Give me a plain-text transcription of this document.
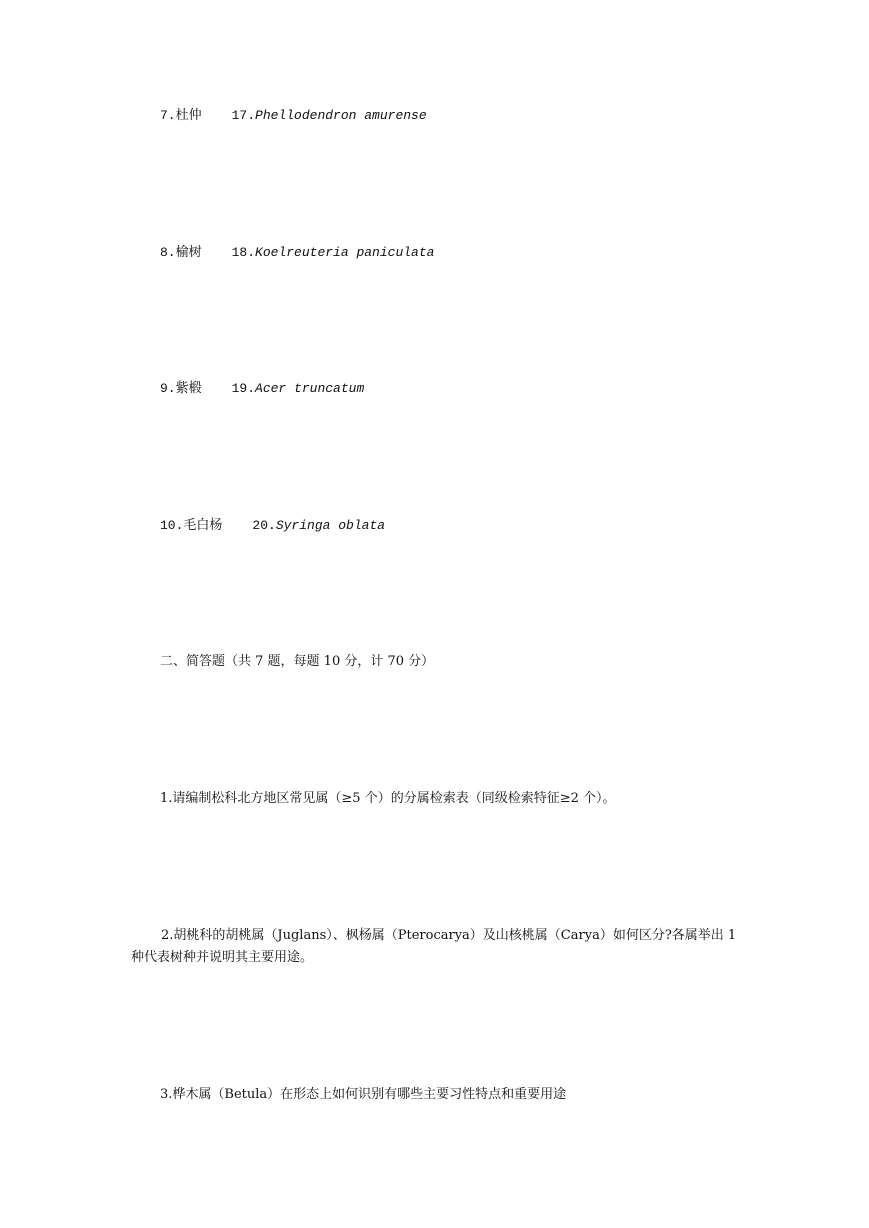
7.杜仲 17.Phellodendron amurense
8.榆树 18.Koelreuteria paniculata
9.紫椴 19.Acer truncatum
10.毛白杨 20.Syringa oblata
二、简答题（共 7 题，每题 10 分，计 70 分）
1.请编制松科北方地区常见属（≥5 个）的分属检索表（同级检索特征≥2 个）。
2.胡桃科的胡桃属（Juglans）、枫杨属（Pterocarya）及山核桃属（Carya）如何区分?各属举出 1 种代表树种并说明其主要用途。
3.桦木属（Betula）在形态上如何识别有哪些主要习性特点和重要用途
